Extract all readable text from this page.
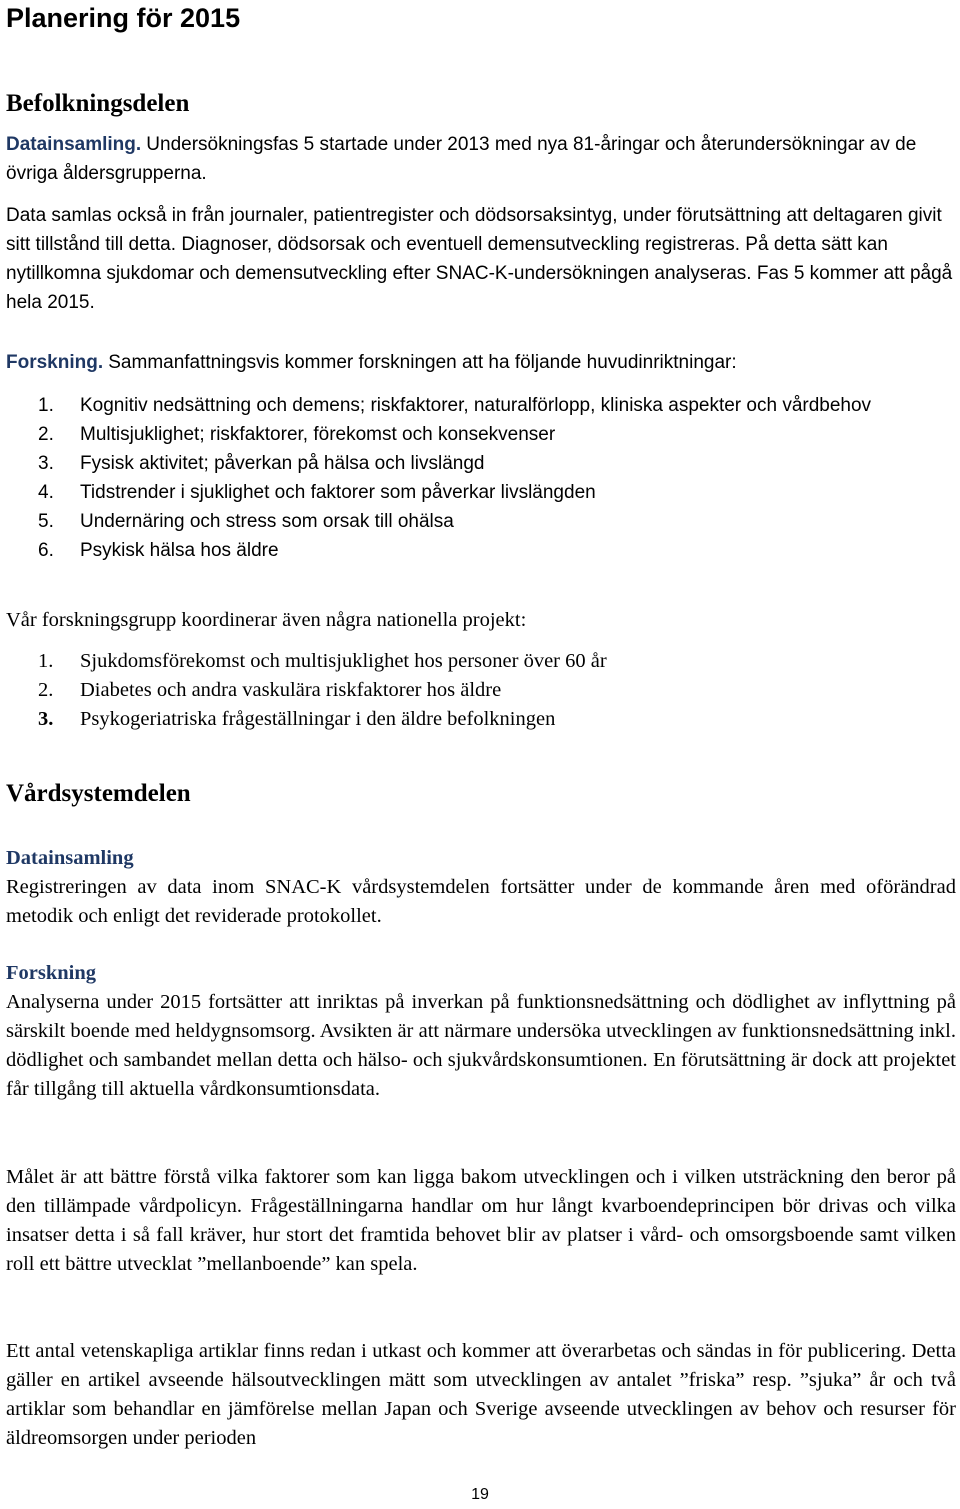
Planering för 2015
Befolkningsdelen

Datainsamling. Undersökningsfas 5 startade under 2013 med nya 81-åringar och återundersökningar av de övriga åldersgrupperna.

Data samlas också in från journaler, patientregister och dödsorsaksintyg, under förutsättning att deltagaren givit sitt tillstånd till detta. Diagnoser, dödsorsak och eventuell demensutveckling registreras. På detta sätt kan nytillkomna sjukdomar och demensutveckling efter SNAC-K-undersökningen analyseras. Fas 5 kommer att pågå hela 2015.

Forskning. Sammanfattningsvis kommer forskningen att ha följande huvudinriktningar:

1. Kognitiv nedsättning och demens; riskfaktorer, naturalförlopp, kliniska aspekter och vårdbehov
2. Multisjuklighet; riskfaktorer, förekomst och konsekvenser
3. Fysisk aktivitet; påverkan på hälsa och livslängd
4. Tidstrender i sjuklighet och faktorer som påverkar livslängden
5. Undernäring och stress som orsak till ohälsa
6. Psykisk hälsa hos äldre

Vår forskningsgrupp koordinerar även några nationella projekt:

1. Sjukdomsförekomst och multisjuklighet hos personer över 60 år
2. Diabetes och andra vaskulära riskfaktorer hos äldre
3. Psykogeriatriska frågeställningar i den äldre befolkningen
Vårdsystemdelen
Datainsamling

Registreringen av data inom SNAC-K vårdsystemdelen fortsätter under de kommande åren med oförändrad metodik och enligt det reviderade protokollet.

Forskning

Analyserna under 2015 fortsätter att inriktas på inverkan på funktionsnedsättning och dödlighet av inflyttning på särskilt boende med heldygnsomsorg. Avsikten är att närmare undersöka utvecklingen av funktionsnedsättning inkl. dödlighet och sambandet mellan detta och hälso- och sjukvårdskonsumtionen. En förutsättning är dock att projektet får tillgång till aktuella vårdkonsumtionsdata.

Målet är att bättre förstå vilka faktorer som kan ligga bakom utvecklingen och i vilken utsträckning den beror på den tillämpade vårdpolicyn. Frågeställningarna handlar om hur långt kvarboendeprincipen bör drivas och vilka insatser detta i så fall kräver, hur stort det framtida behovet blir av platser i vård- och omsorgsboende samt vilken roll ett bättre utvecklat ”mellanboende” kan spela.

Ett antal vetenskapliga artiklar finns redan i utkast och kommer att överarbetas och sändas in för publicering. Detta gäller en artikel avseende hälsoutvecklingen mätt som utvecklingen av antalet ”friska” resp. ”sjuka” år och två artiklar som behandlar en jämförelse mellan Japan och Sverige avseende utvecklingen av behov och resurser för äldreomsorgen under perioden

19
